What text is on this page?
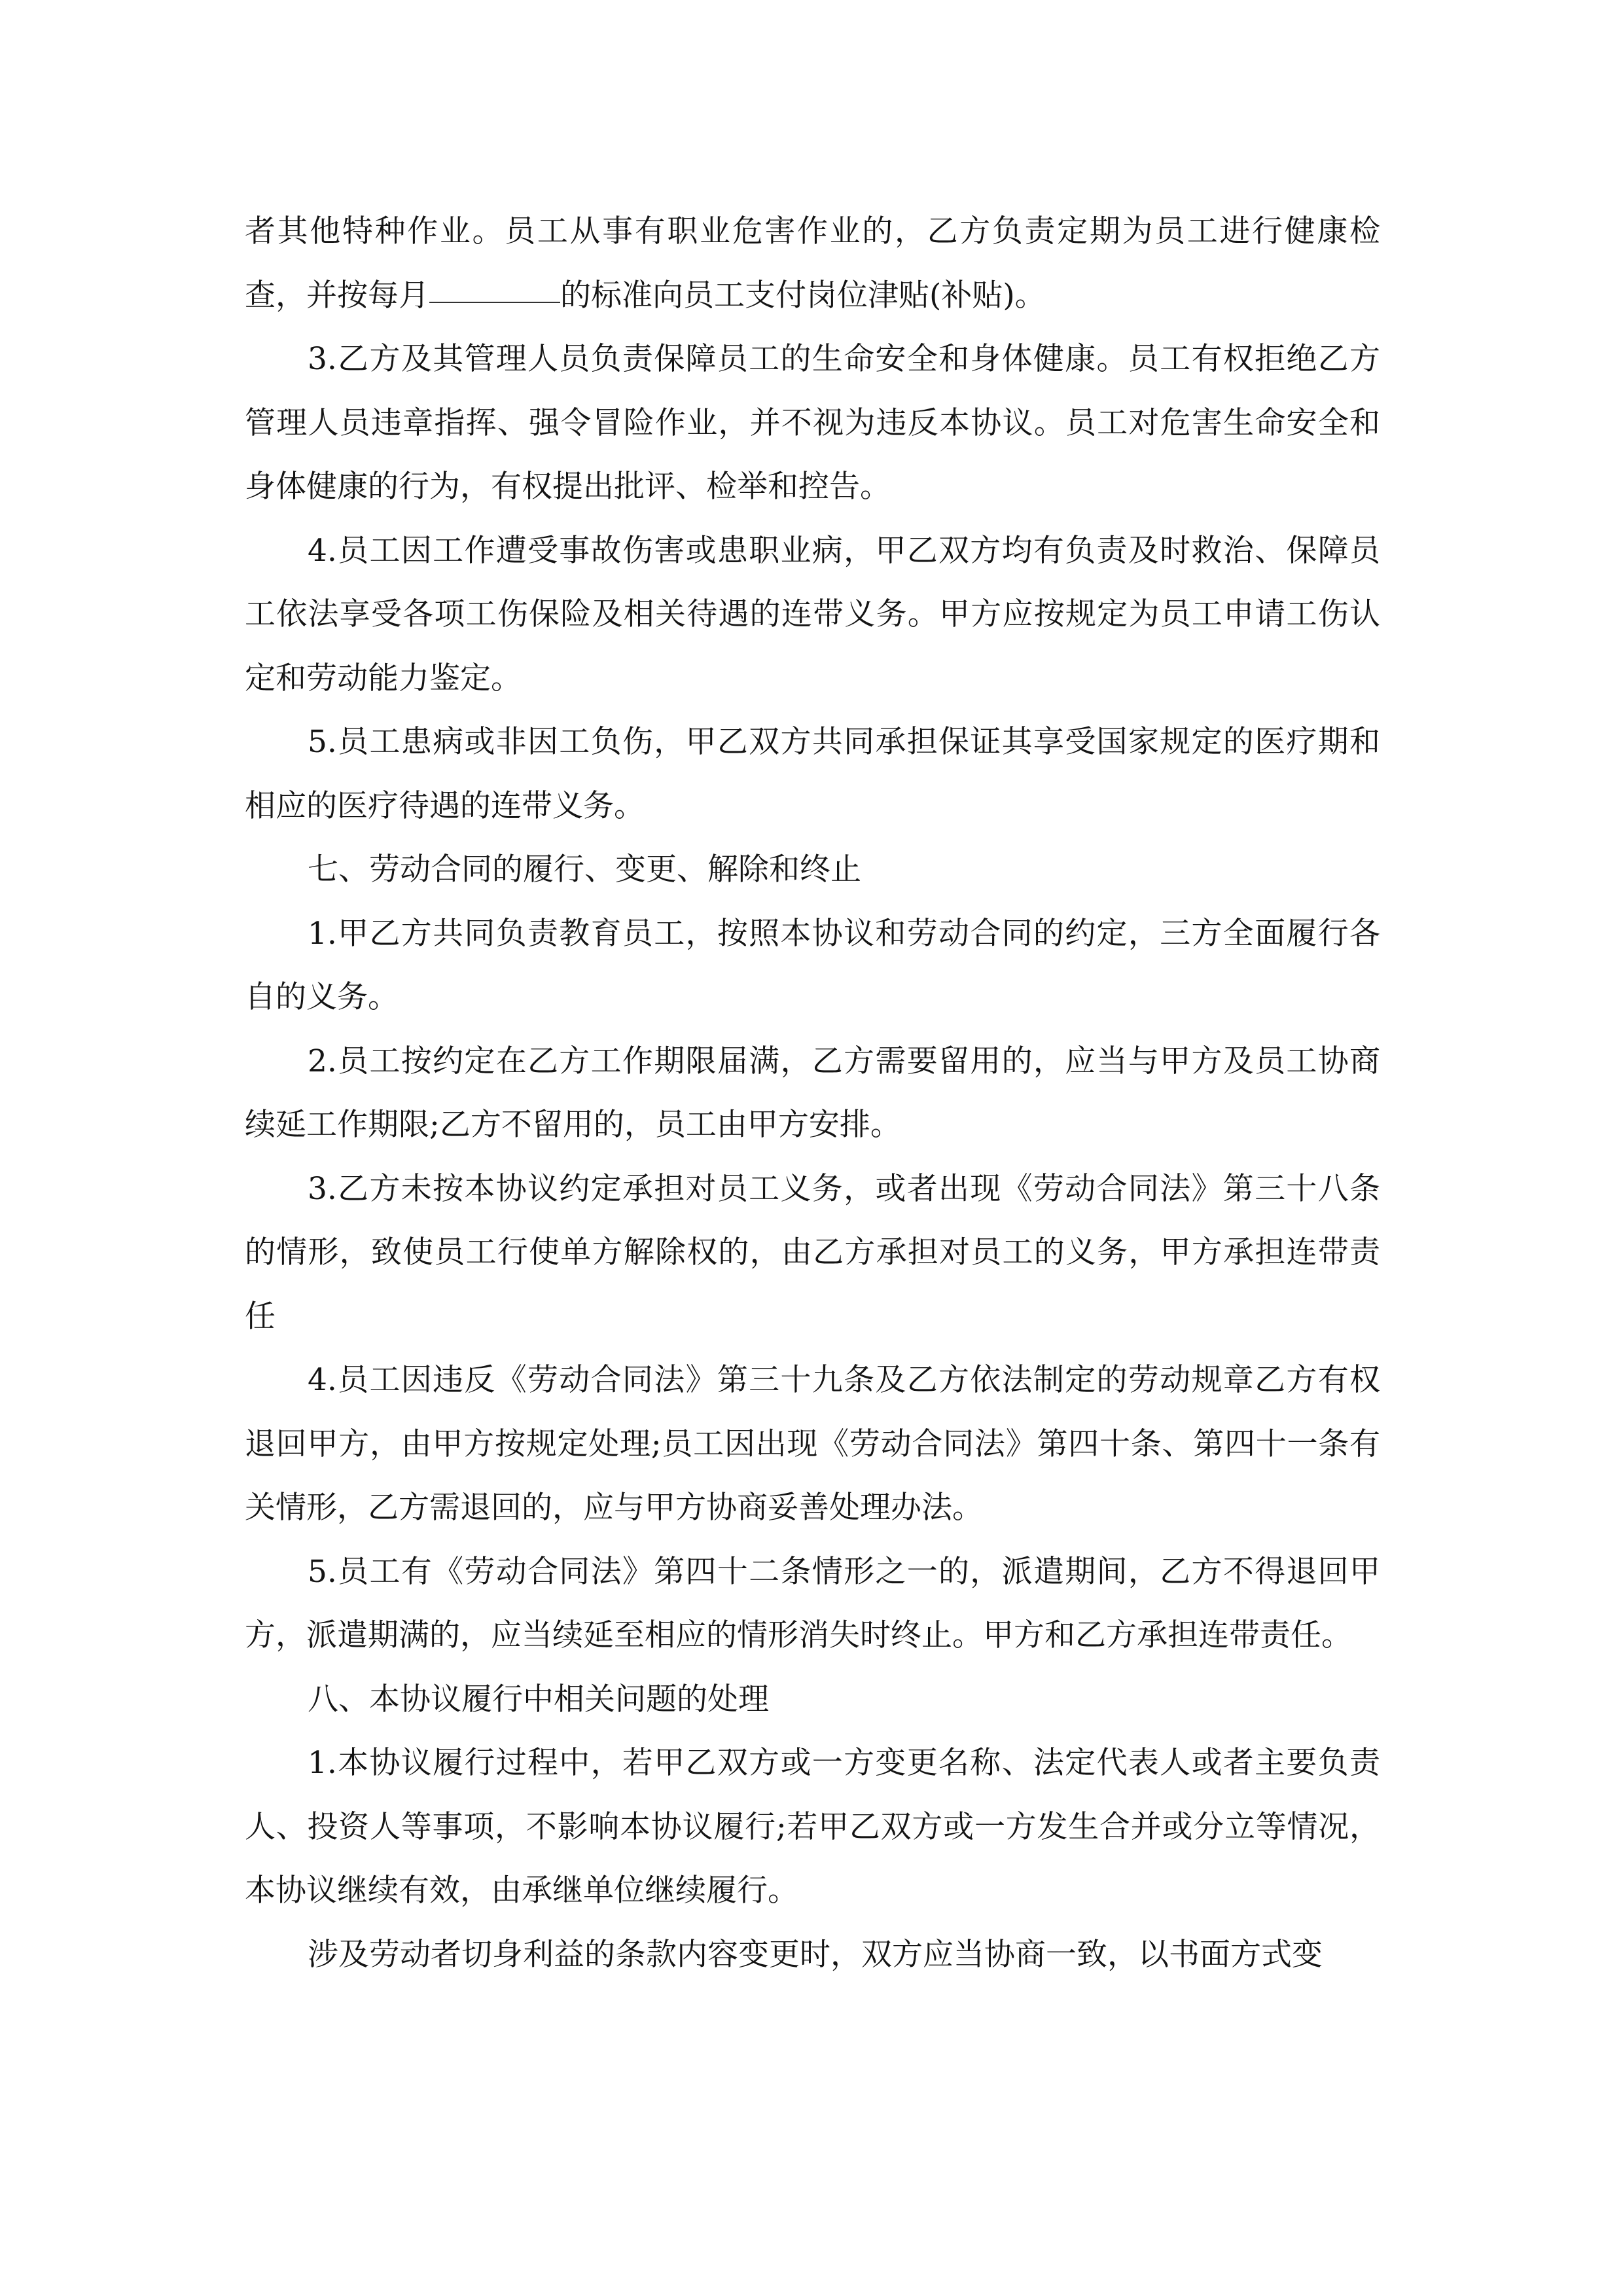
者其他特种作业。员工从事有职业危害作业的，乙方负责定期为员工进行健康检查，并按每月	的标准向员工支付岗位津贴(补贴)。

3.乙方及其管理人员负责保障员工的生命安全和身体健康。员工有权拒绝乙方管理人员违章指挥、强令冒险作业，并不视为违反本协议。员工对危害生命安全和身体健康的行为，有权提出批评、检举和控告。

4.员工因工作遭受事故伤害或患职业病，甲乙双方均有负责及时救治、保障员工依法享受各项工伤保险及相关待遇的连带义务。甲方应按规定为员工申请工伤认定和劳动能力鉴定。

5.员工患病或非因工负伤，甲乙双方共同承担保证其享受国家规定的医疗期和相应的医疗待遇的连带义务。

七、劳动合同的履行、变更、解除和终止

1.甲乙方共同负责教育员工，按照本协议和劳动合同的约定，三方全面履行各自的义务。

2.员工按约定在乙方工作期限届满，乙方需要留用的，应当与甲方及员工协商续延工作期限;乙方不留用的，员工由甲方安排。

3.乙方未按本协议约定承担对员工义务，或者出现《劳动合同法》第三十八条的情形，致使员工行使单方解除权的，由乙方承担对员工的义务，甲方承担连带责任

4.员工因违反《劳动合同法》第三十九条及乙方依法制定的劳动规章乙方有权退回甲方，由甲方按规定处理;员工因出现《劳动合同法》第四十条、第四十一条有关情形，乙方需退回的，应与甲方协商妥善处理办法。

5.员工有《劳动合同法》第四十二条情形之一的，派遣期间，乙方不得退回甲方，派遣期满的，应当续延至相应的情形消失时终止。甲方和乙方承担连带责任。

八、本协议履行中相关问题的处理

1.本协议履行过程中，若甲乙双方或一方变更名称、法定代表人或者主要负责人、投资人等事项，不影响本协议履行;若甲乙双方或一方发生合并或分立等情况，本协议继续有效，由承继单位继续履行。

涉及劳动者切身利益的条款内容变更时，双方应当协商一致，以书面方式变
